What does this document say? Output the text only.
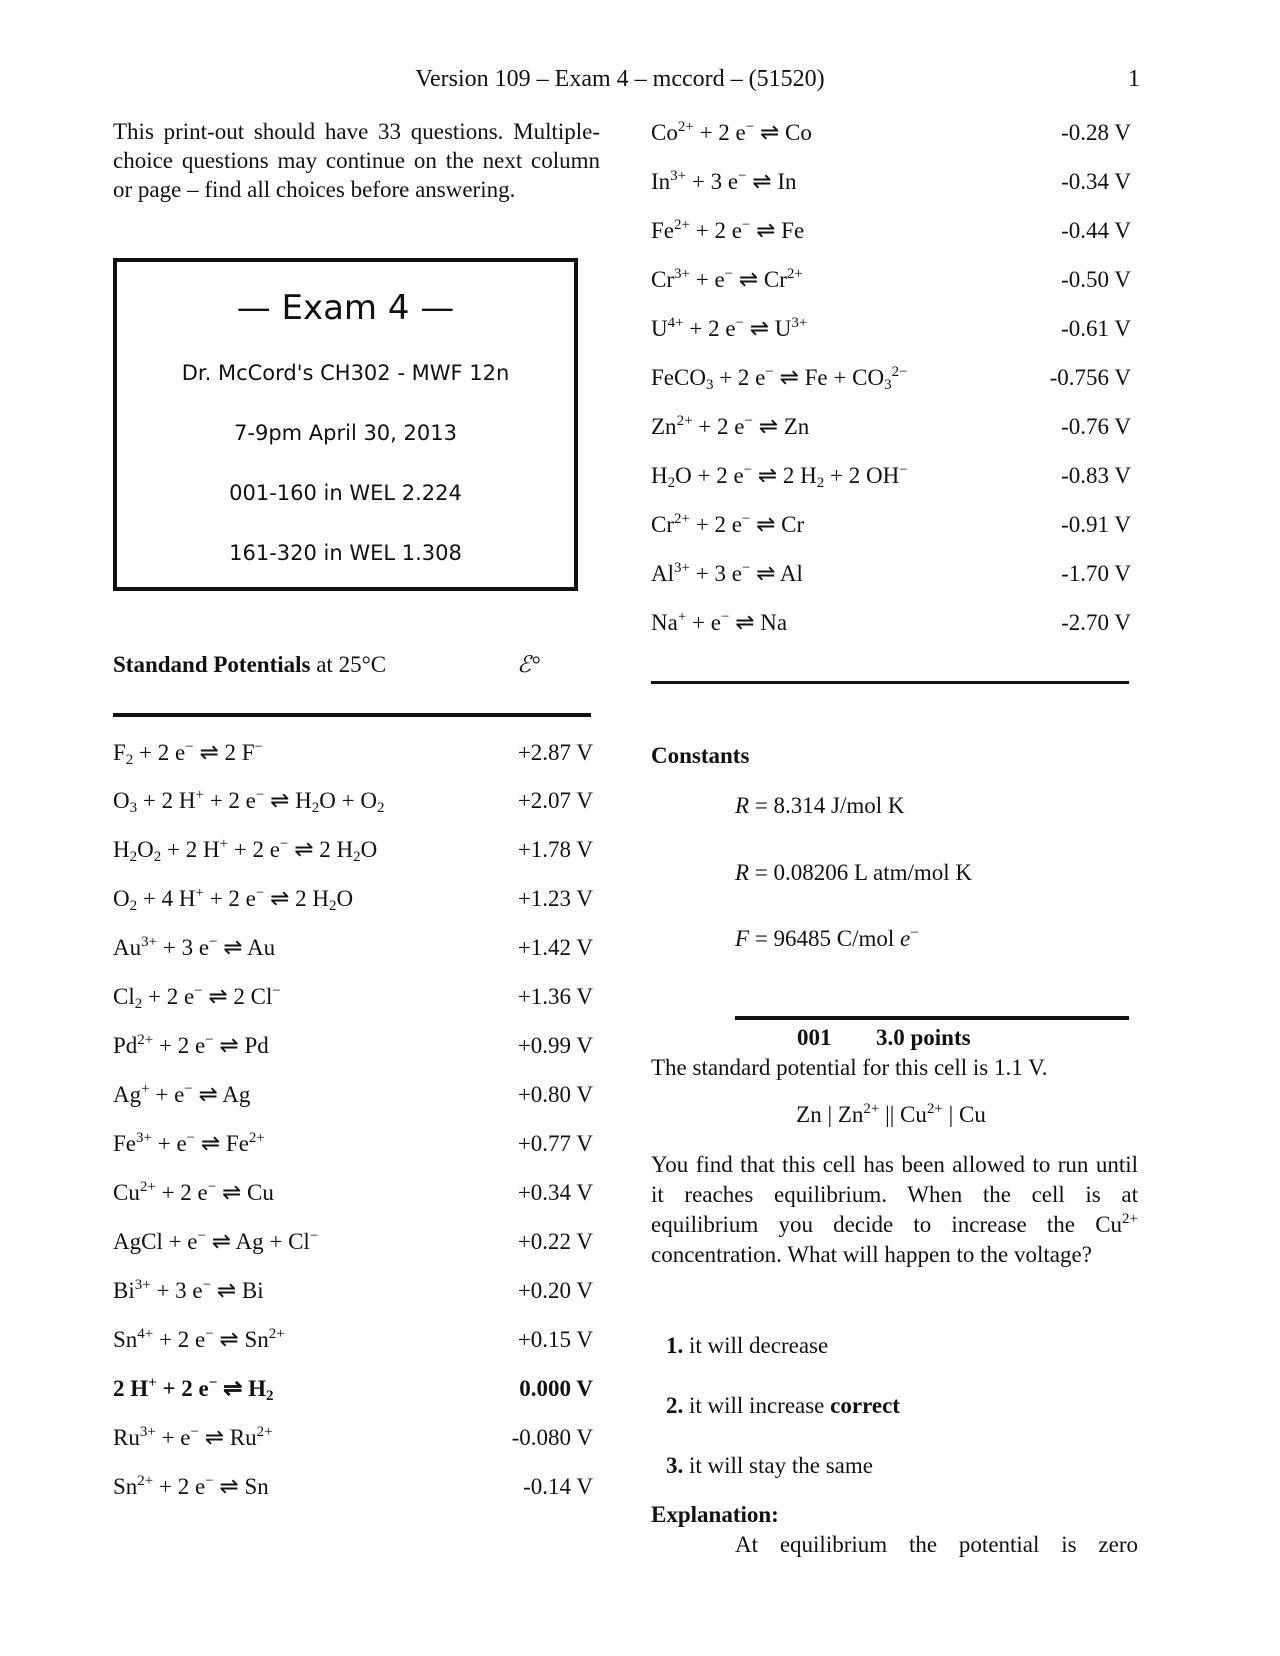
Version 109 – Exam 4 – mccord – (51520)	1
This print-out should have 33 questions. Multiple-choice questions may continue on the next column or page – find all choices before answering.
— Exam 4 —
Dr. McCord's CH302 - MWF 12n
7-9pm April 30, 2013
001-160 in WEL 2.224
161-320 in WEL 1.308
Standand Potentials at 25°C	ℰ°
$F_2 + 2$ e− ⇌ 2 F−	+2.87 V
$O_3 + 2$ H+ + 2 e− ⇌ $H_2O + O_2$	+2.07 V
$H_2O_2 + 2$ H+ + 2 e− ⇌ 2 $H_2O$	+1.78 V
$O_2 + 4$ H+ + 2 e− ⇌ 2 $H_2O$	+1.23 V
$Au^{3+} + 3$ e− ⇌ Au	+1.42 V
$Cl_2 + 2$ e− ⇌ 2 Cl−	+1.36 V
$Pd^{2+} + 2$ e− ⇌ Pd	+0.99 V
Ag+ + e− ⇌ Ag	+0.80 V
$Fe^{3+} + e^-$ ⇌ $Fe^{2+}$	+0.77 V
$Cu^{2+} + 2$ e− ⇌ Cu	+0.34 V
AgCl + e− ⇌ Ag + Cl−	+0.22 V
$Bi^{3+} + 3$ e− ⇌ Bi	+0.20 V
$Sn^{4+} + 2$ e− ⇌ $Sn^{2+}$	+0.15 V
2 H+ + 2 e− ⇌ $H_2$	0.000 V
$Ru^{3+} + e^-$ ⇌ $Ru^{2+}$	-0.080 V
$Sn^{2+} + 2$ e− ⇌ Sn	-0.14 V
$Co^{2+} + 2$ e− ⇌ Co	-0.28 V
$In^{3+} + 3$ e− ⇌ In	-0.34 V
$Fe^{2+} + 2$ e− ⇌ Fe	-0.44 V
$Cr^{3+} + e^-$ ⇌ $Cr^{2+}$	-0.50 V
$U^{4+} + 2$ e− ⇌ $U^{3+}$	-0.61 V
FeCO$_3$ + 2 e− ⇌ $Fe + CO_3^{2-}$	-0.756 V
$Zn^{2+} + 2$ e− ⇌ Zn	-0.76 V
$H_2O + 2$ e− ⇌ 2 $H_2 + 2$ OH−	-0.83 V
$Cr^{2+} + 2$ e− ⇌ Cr	-0.91 V
$Al^{3+} + 3$ e− ⇌ Al	-1.70 V
Na+ + e− ⇌ Na	-2.70 V
Constants
R = 8.314 J/mol K
R = 0.08206 L atm/mol K
F = 96485 C/mol e−
001 3.0 points
The standard potential for this cell is 1.1 V.
Zn | $Zn^{2+}$ || $Cu^{2+}$ | Cu
You find that this cell has been allowed to run until it reaches equilibrium. When the cell is at equilibrium you decide to increase the $Cu^{2+}$ concentration. What will happen to the voltage?
1. it will decrease
2. it will increase correct
3. it will stay the same
Explanation:
At equilibrium the potential is zero
